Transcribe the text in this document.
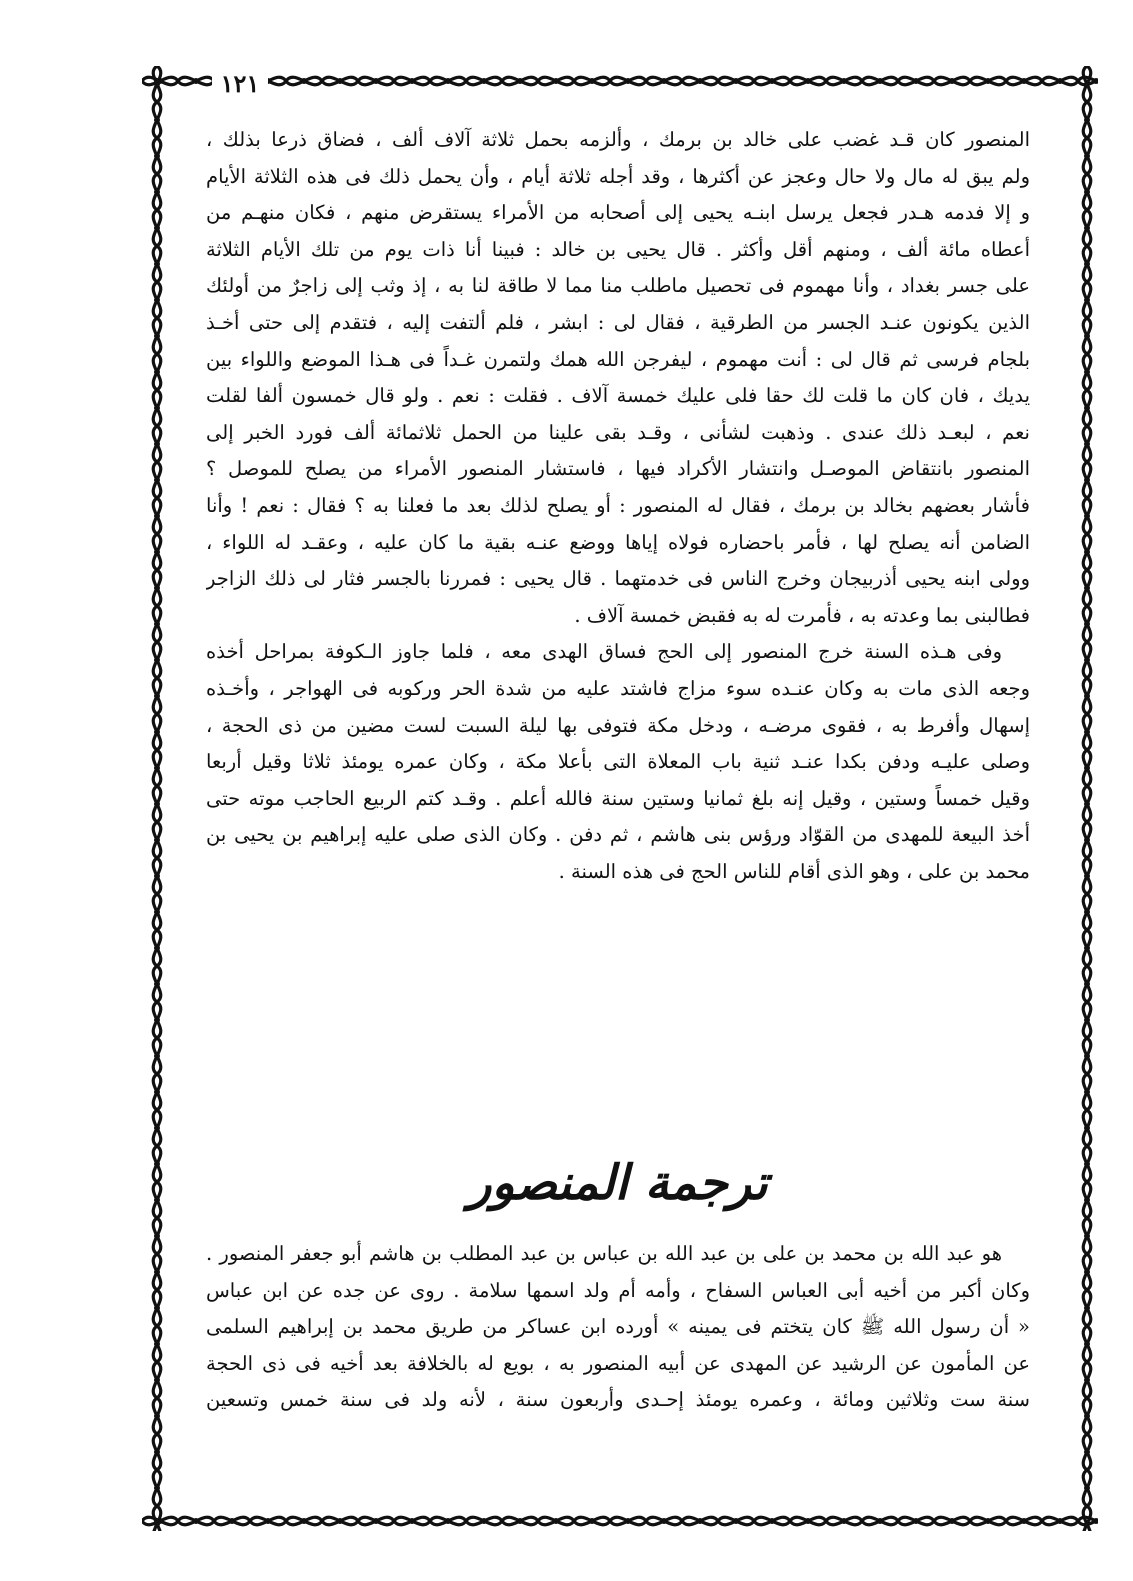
١٢١
المنصور كان قـد غضب على خالد بن برمك ، وألزمه بحمل ثلاثة آلاف ألف ، فضاق ذرعا بذلك ،
ولم يبق له مال ولا حال وعجز عن أكثرها ، وقد أجله ثلاثة أيام ، وأن يحمل ذلك فى هذه الثلاثة الأيام
و إلا فدمه هـدر فجعل يرسل ابنـه يحيى إلى أصحابه من الأمراء يستقرض منهم ، فكان منهـم من
أعطاه مائة ألف ، ومنهم أقل وأكثر . قال يحيى بن خالد : فبينا أنا ذات يوم من تلك الأيام الثلاثة
على جسر بغداد ، وأنا مهموم فى تحصيل ماطلب منا مما لا طاقة لنا به ، إذ وثب إلى زاجرٌ من أولئك
الذين يكونون عنـد الجسر من الطرقية ، فقال لى : ابشر ، فلم ألتفت إليه ، فتقدم إلى حتى أخـذ
بلجام فرسى ثم قال لى : أنت مهموم ، ليفرجن الله همك ولتمرن غـداً فى هـذا الموضع واللواء بين
يديك ، فان كان ما قلت لك حقا فلى عليك خمسة آلاف . فقلت : نعم . ولو قال خمسون ألفا لقلت
نعم ، لبعـد ذلك عندى . وذهبت لشأنى ، وقـد بقى علينا من الحمل ثلاثمائة ألف فورد الخبر إلى
المنصور بانتقاض الموصـل وانتشار الأكراد فيها ، فاستشار المنصور الأمراء من يصلح للموصل ؟
فأشار بعضهم بخالد بن برمك ، فقال له المنصور : أو يصلح لذلك بعد ما فعلنا به ؟ فقال : نعم ! وأنا
الضامن أنه يصلح لها ، فأمر باحضاره فولاه إياها ووضع عنـه بقية ما كان عليه ، وعقـد له اللواء ،
وولى ابنه يحيى أذربيجان وخرج الناس فى خدمتهما . قال يحيى : فمررنا بالجسر فثار لى ذلك الزاجر
فطالبنى بما وعدته به ، فأمرت له به فقبض خمسة آلاف .
وفى هـذه السنة خرج المنصور إلى الحج فساق الهدى معه ، فلما جاوز الـكوفة بمراحل أخذه
وجعه الذى مات به وكان عنـده سوء مزاج فاشتد عليه من شدة الحر وركوبه فى الهواجر ، وأخـذه
إسهال وأفرط به ، فقوى مرضـه ، ودخل مكة فتوفى بها ليلة السبت لست مضين من ذى الحجة ،
وصلى عليـه ودفن بكدا عنـد ثنية باب المعلاة التى بأعلا مكة ، وكان عمره يومئذ ثلاثا وقيل أربعا
وقيل خمساً وستين ، وقيل إنه بلغ ثمانيا وستين سنة فالله أعلم . وقـد كتم الربيع الحاجب موته حتى
أخذ البيعة للمهدى من القوّاد ورؤس بنى هاشم ، ثم دفن . وكان الذى صلى عليه إبراهيم بن يحيى بن
محمد بن على ، وهو الذى أقام للناس الحج فى هذه السنة .
ترجمة المنصور
هو عبد الله بن محمد بن على بن عبد الله بن عباس بن عبد المطلب بن هاشم أبو جعفر المنصور .
وكان أكبر من أخيه أبى العباس السفاح ، وأمه أم ولد اسمها سلامة . روى عن جده عن ابن عباس
« أن رسول الله ﷺ كان يتختم فى يمينه » أورده ابن عساكر من طريق محمد بن إبراهيم السلمى
عن المأمون عن الرشيد عن المهدى عن أبيه المنصور به ، بويع له بالخلافة بعد أخيه فى ذى الحجة
سنة ست وثلاثين ومائة ، وعمره يومئذ إحـدى وأربعون سنة ، لأنه ولد فى سنة خمس وتسعين
